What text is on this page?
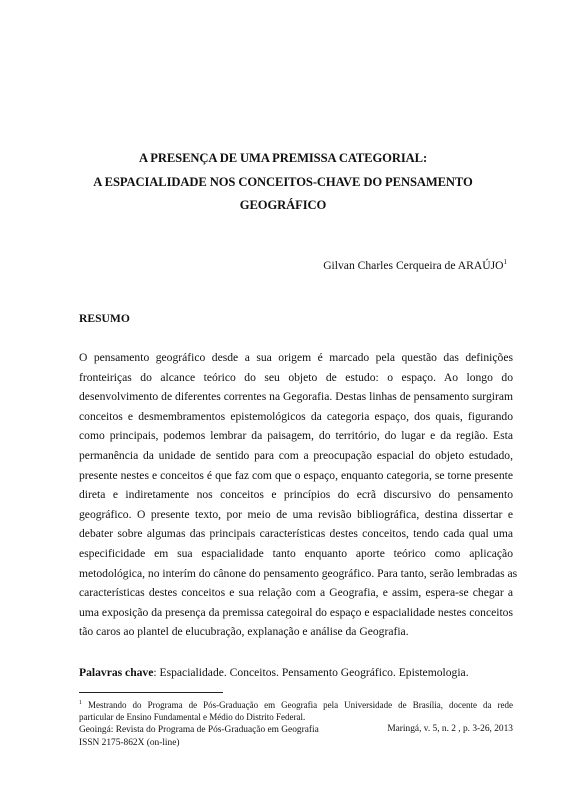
A PRESENÇA DE UMA PREMISSA CATEGORIAL:
A ESPACIALIDADE NOS CONCEITOS-CHAVE DO PENSAMENTO
GEOGRÁFICO
Gilvan Charles Cerqueira de ARAÚJO$^1$
RESUMO
O pensamento geográfico desde a sua origem é marcado pela questão das definições
fronteiriças do alcance teórico do seu objeto de estudo: o espaço. Ao longo do
desenvolvimento de diferentes correntes na Gegorafia. Destas linhas de pensamento surgiram
conceitos e desmembramentos epistemológicos da categoria espaço, dos quais, figurando
como principais, podemos lembrar da paisagem, do território, do lugar e da região. Esta
permanência da unidade de sentido para com a preocupação espacial do objeto estudado,
presente nestes e conceitos é que faz com que o espaço, enquanto categoria, se torne presente
direta e indiretamente nos conceitos e princípios do ecrã discursivo do pensamento
geográfico. O presente texto, por meio de uma revisão bibliográfica, destina dissertar e
debater sobre algumas das principais características destes conceitos, tendo cada qual uma
especificidade em sua espacialidade tanto enquanto aporte teórico como aplicação
metodológica, no interím do cânone do pensamento geográfico. Para tanto, serão lembradas as
características destes conceitos e sua relação com a Geografia, e assim, espera-se chegar a
uma exposição da presença da premissa categoiral do espaço e espacialidade nestes conceitos
tão caros ao plantel de elucubração, explanação e análise da Geografia.
Palavras chave: Espacialidade. Conceitos. Pensamento Geográfico. Epistemologia.
$^1$ Mestrando do Programa de Pós-Graduação em Geografia pela Universidade de Brasília, docente da rede
particular de Ensino Fundamental e Médio do Distrito Federal.
Geoingá: Revista do Programa de Pós-Graduação em Geografia
ISSN 2175-862X (on-line)
Maringá, v. 5, n. 2 , p. 3-26, 2013
